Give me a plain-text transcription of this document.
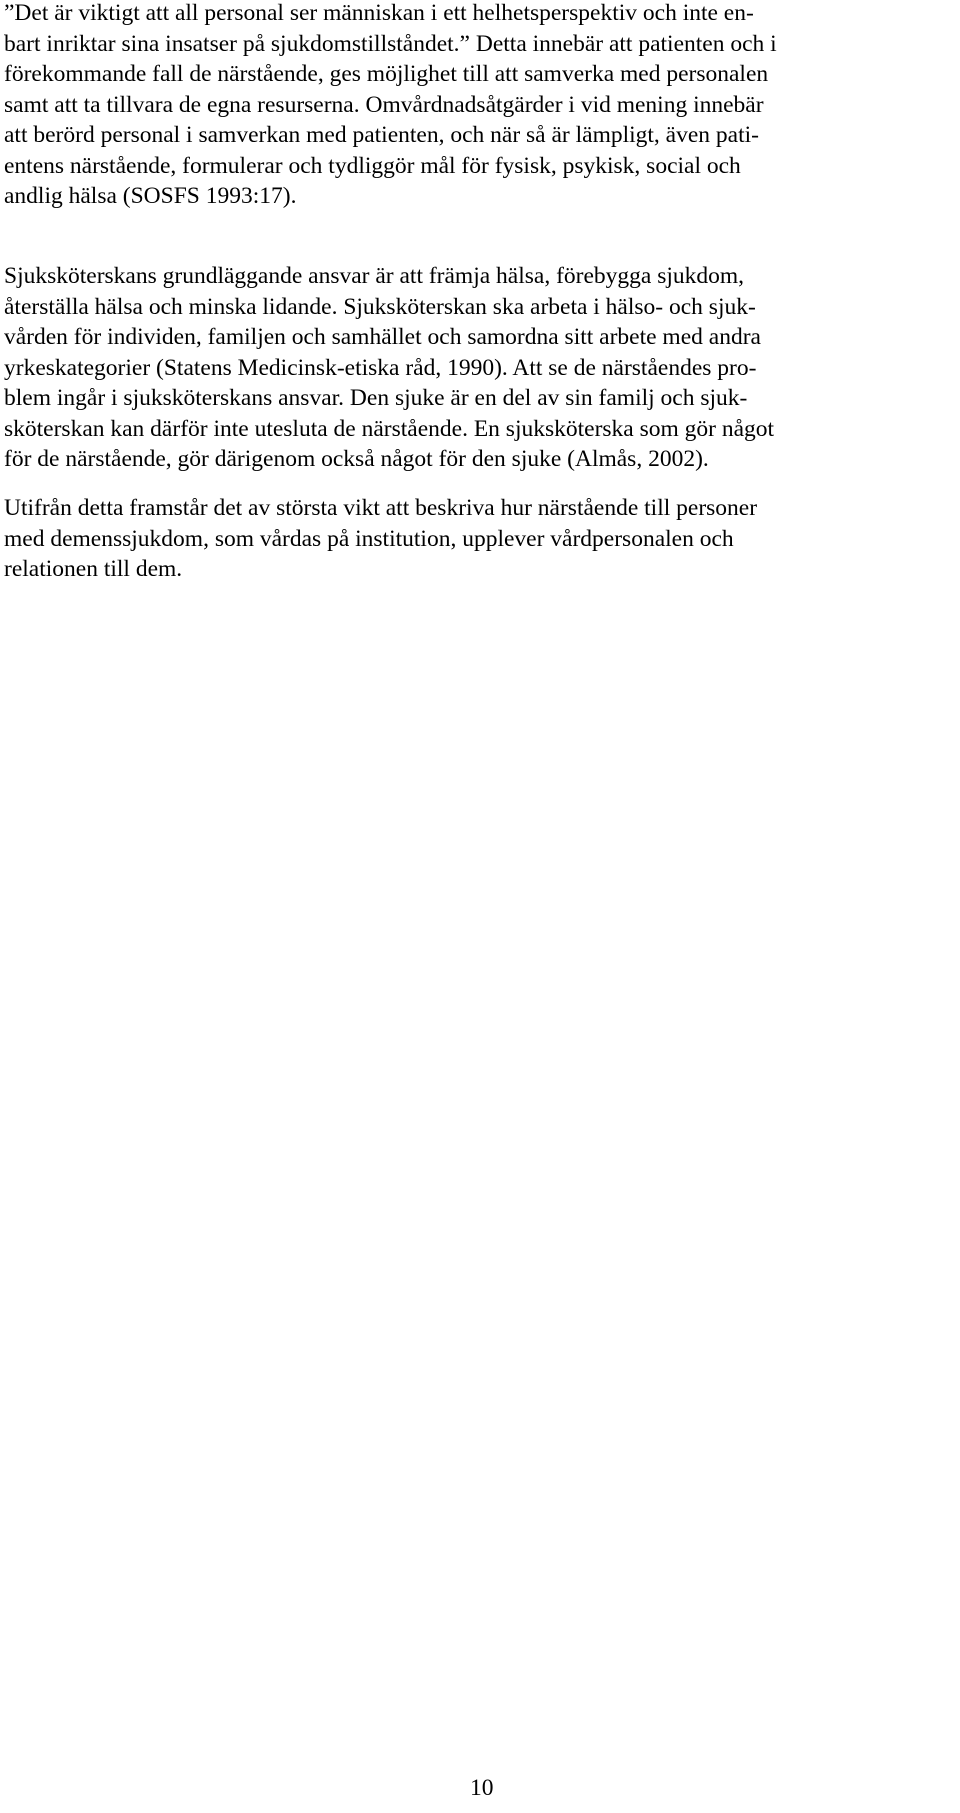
”Det är viktigt att all personal ser människan i ett helhetsperspektiv och inte en-
bart inriktar sina insatser på sjukdomstillståndet.” Detta innebär att patienten och i
förekommande fall de närstående, ges möjlighet till att samverka med personalen
samt att ta tillvara de egna resurserna. Omvårdnadsåtgärder i vid mening innebär
att berörd personal i samverkan med patienten, och när så är lämpligt, även pati-
entens närstående, formulerar och tydliggör mål för fysisk, psykisk, social och
andlig hälsa (SOSFS 1993:17).

Sjuksköterskans grundläggande ansvar är att främja hälsa, förebygga sjukdom,
återställa hälsa och minska lidande. Sjuksköterskan ska arbeta i hälso- och sjuk-
vården för individen, familjen och samhället och samordna sitt arbete med andra
yrkeskategorier (Statens Medicinsk-etiska råd, 1990). Att se de närståendes pro-
blem ingår i sjuksköterskans ansvar. Den sjuke är en del av sin familj och sjuk-
sköterskan kan därför inte utesluta de närstående. En sjuksköterska som gör något
för de närstående, gör därigenom också något för den sjuke (Almås, 2002).

Utifrån detta framstår det av största vikt att beskriva hur närstående till personer
med demenssjukdom, som vårdas på institution, upplever vårdpersonalen och
relationen till dem.

10
